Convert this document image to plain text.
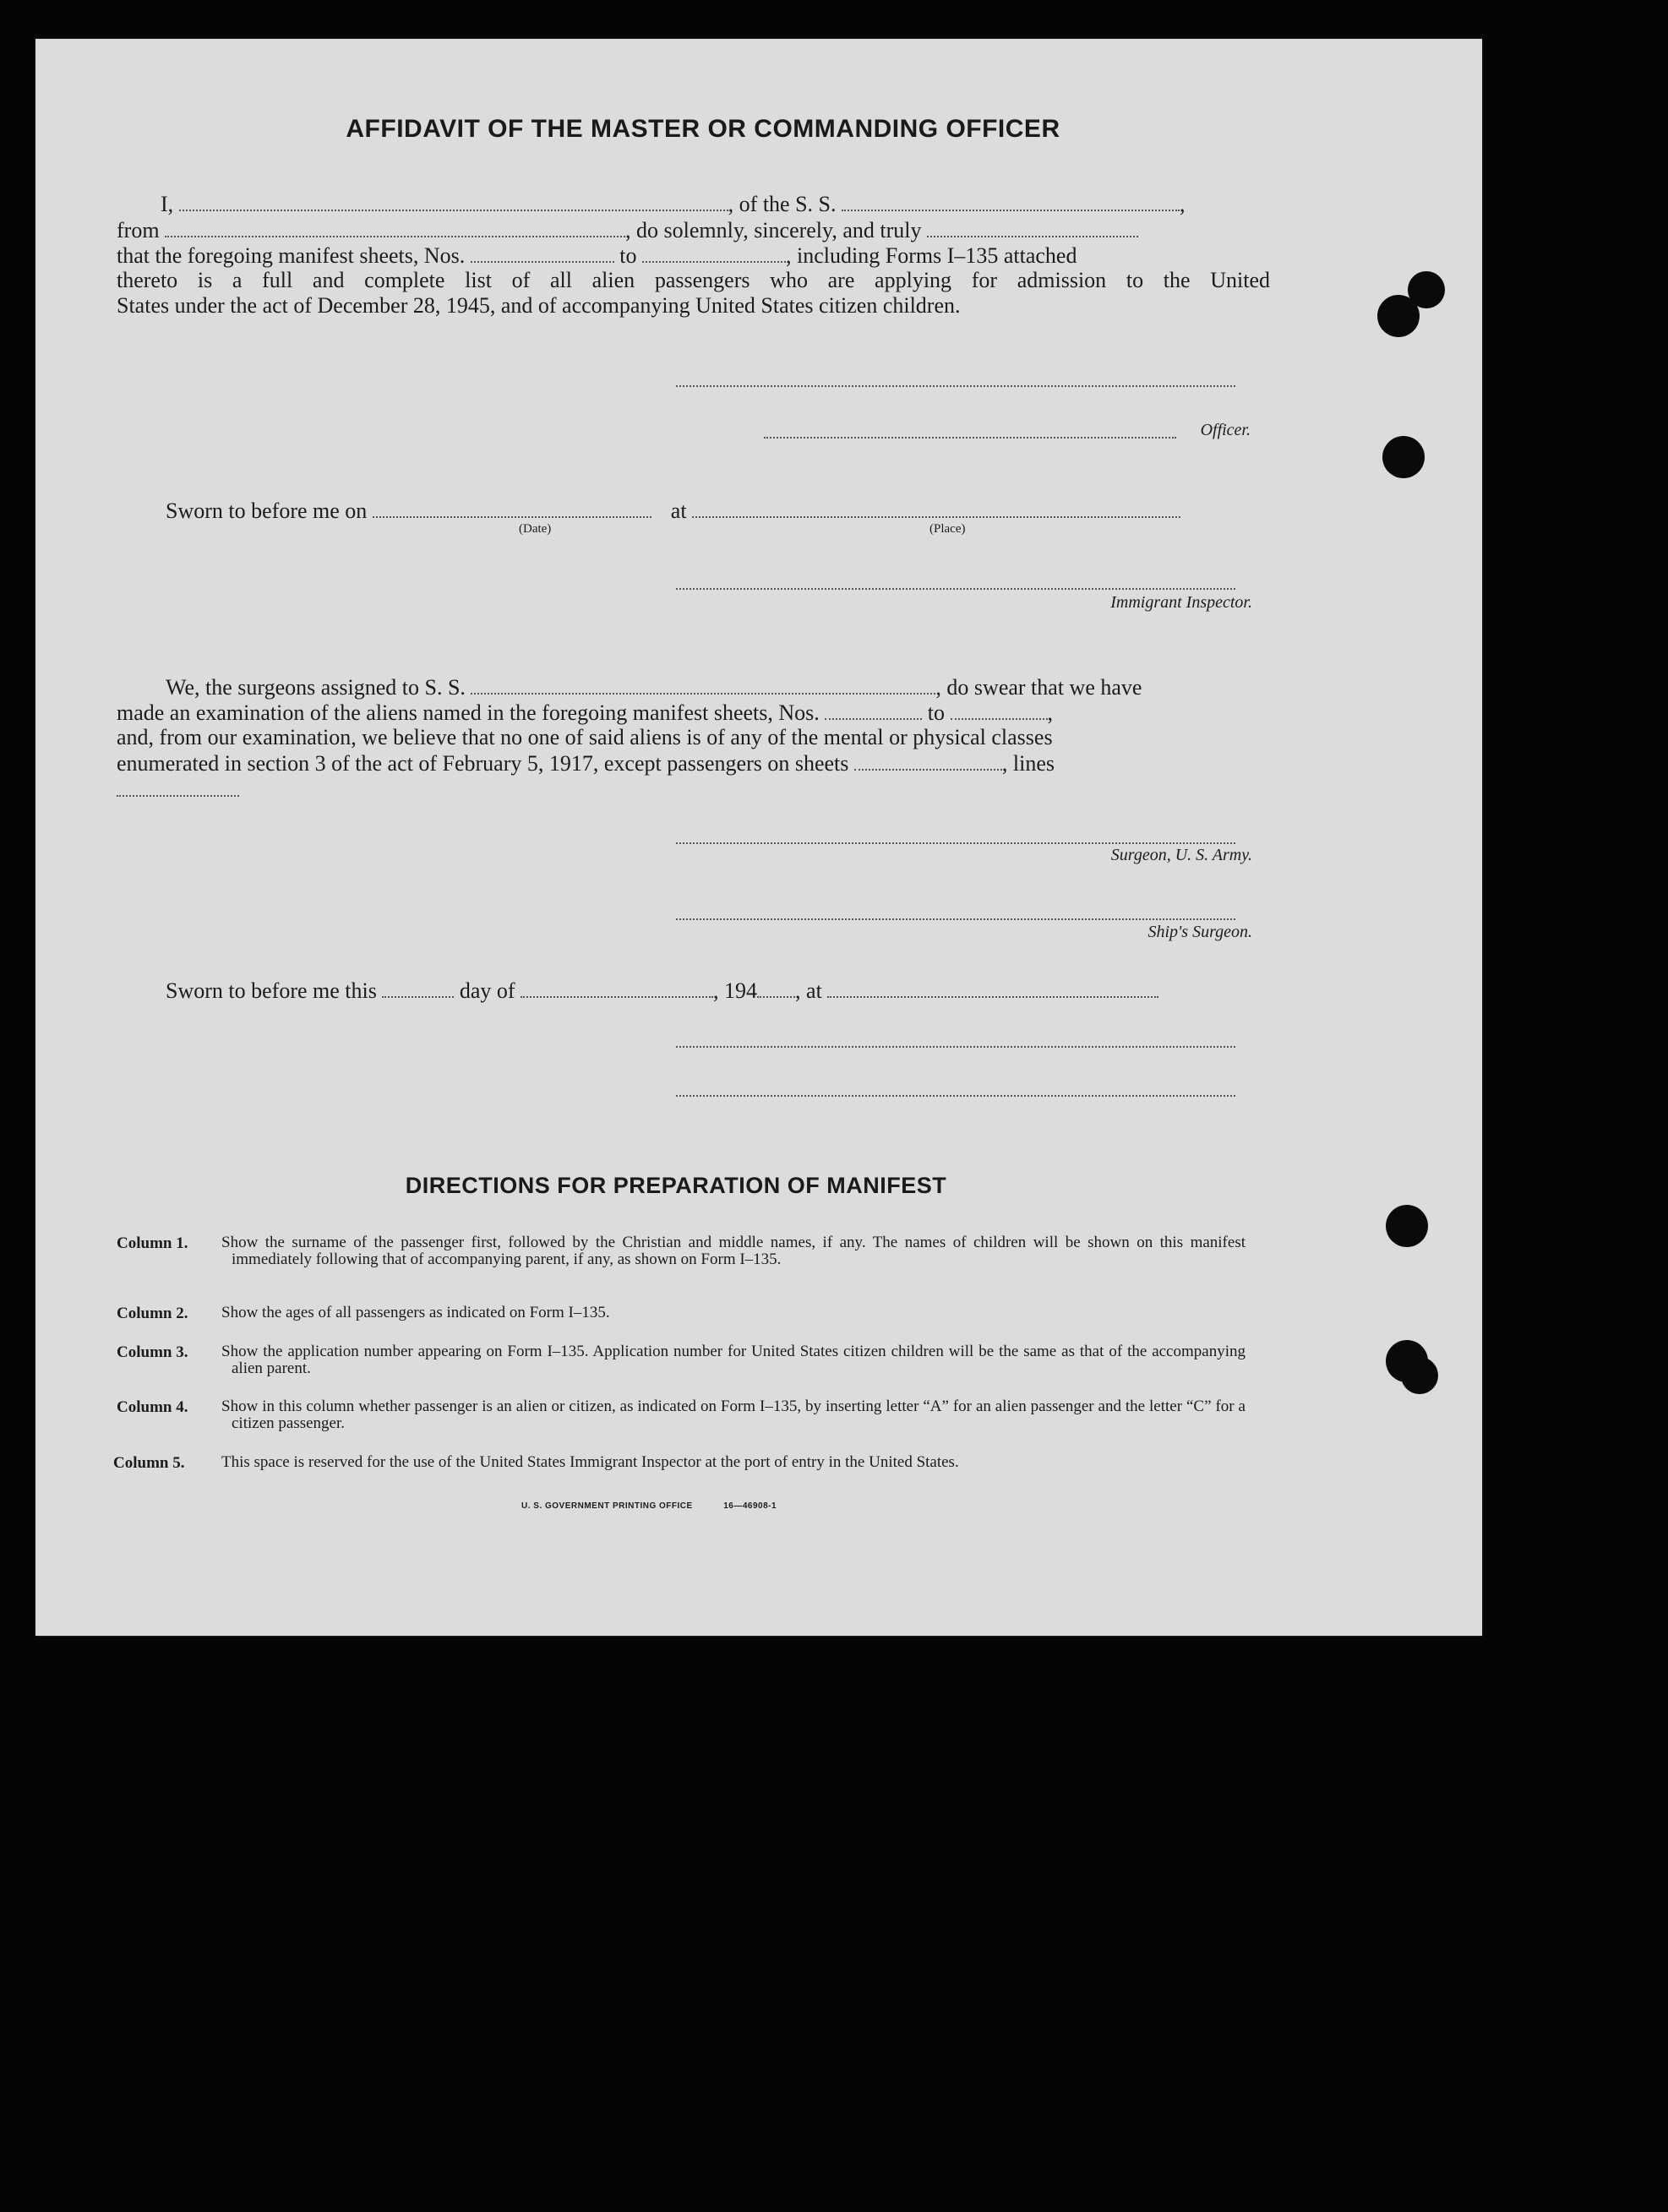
AFFIDAVIT OF THE MASTER OR COMMANDING OFFICER
I,	, of the S. S.	,
from	, do solemnly, sincerely, and truly
that the foregoing manifest sheets, Nos.	to	, including Forms I–135 attached
thereto is a full and complete list of all alien passengers who are applying for admission to the United
States under the act of December 28, 1945, and of accompanying United States citizen children.
Officer.
Sworn to before me on	at
(Date)	(Place)
Immigrant Inspector.
We, the surgeons assigned to S. S.	, do swear that we have
made an examination of the aliens named in the foregoing manifest sheets, Nos.	to	,
and, from our examination, we believe that no one of said aliens is of any of the mental or physical classes
enumerated in section 3 of the act of February 5, 1917, except passengers on sheets	, lines
Surgeon, U. S. Army.
Ship's Surgeon.
Sworn to before me this	day of	, 194 , at
DIRECTIONS FOR PREPARATION OF MANIFEST
Column 1. Show the surname of the passenger first, followed by the Christian and middle names, if any. The names of children will be shown on this manifest immediately following that of accompanying parent, if any, as shown on Form I–135.
Column 2. Show the ages of all passengers as indicated on Form I–135.
Column 3. Show the application number appearing on Form I–135. Application number for United States citizen children will be the same as that of the accompanying alien parent.
Column 4. Show in this column whether passenger is an alien or citizen, as indicated on Form I–135, by inserting letter “A” for an alien passenger and the letter “C” for a citizen passenger.
Column 5. This space is reserved for the use of the United States Immigrant Inspector at the port of entry in the United States.
U. S. GOVERNMENT PRINTING OFFICE	16—46908-1
